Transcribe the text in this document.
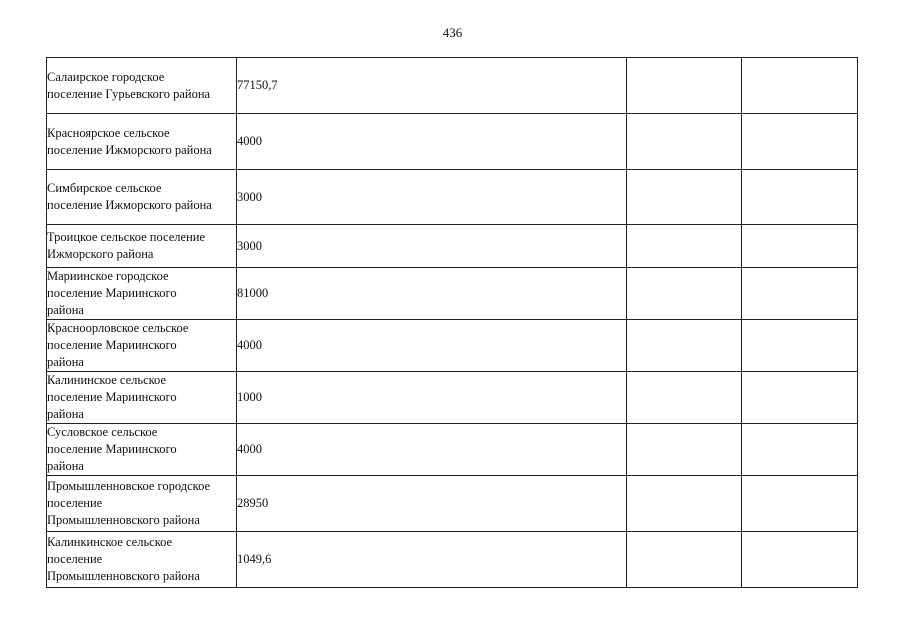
436
Салаирское городское
поселение Гурьевского района	77150,7		

Красноярское сельское
поселение Ижморского района	4000		

Симбирское сельское
поселение Ижморского района	3000		

Троицкое сельское поселение
Ижморского района	3000		

Мариинское городское
поселение Мариинского
района	81000		

Красноорловское сельское
поселение Мариинского
района	4000		

Калининское сельское
поселение Мариинского
района	1000		

Сусловское сельское
поселение Мариинского
района	4000		

Промышленновское городское
поселение
Промышленновского района	28950		

Калинкинское сельское
поселение
Промышленновского района	1049,6		
